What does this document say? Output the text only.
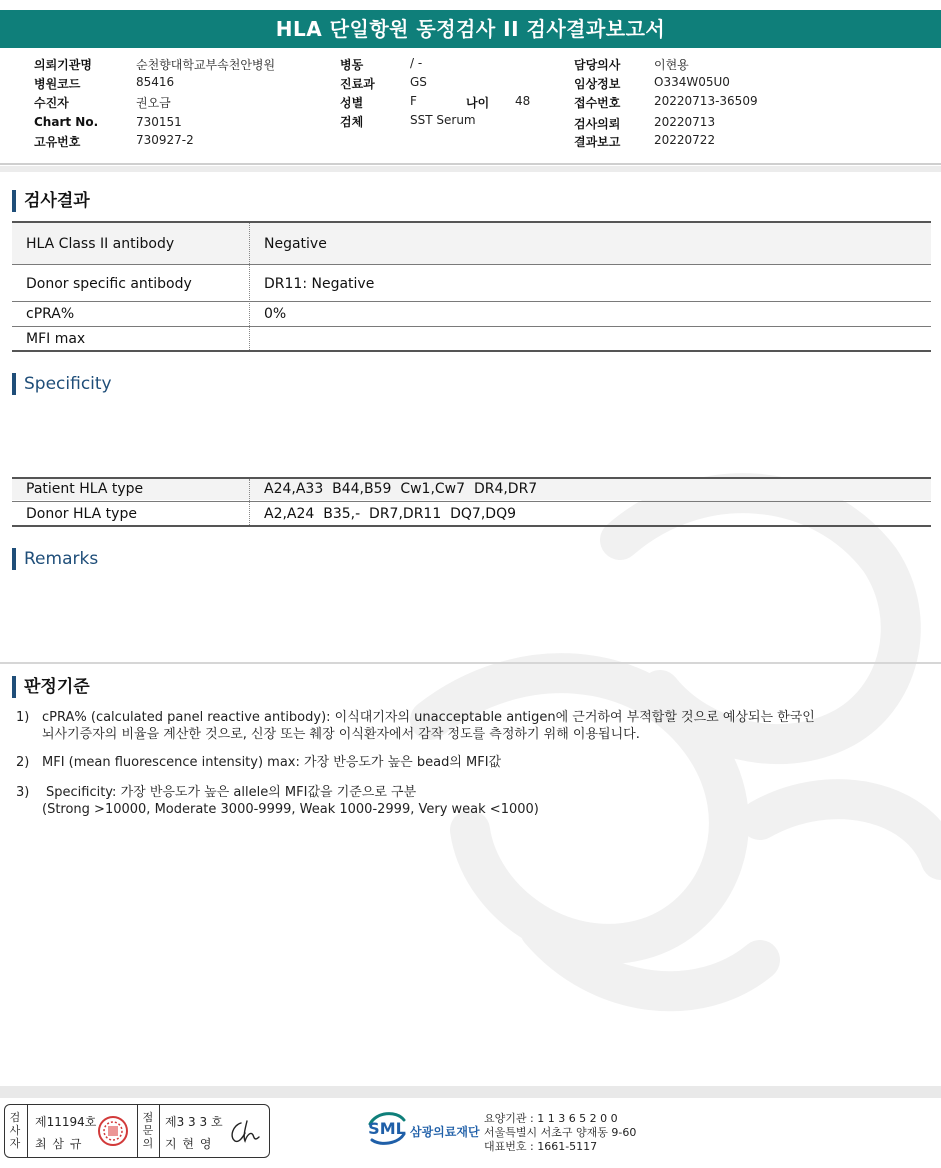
HLA 단일항원 동정검사 II 검사결과보고서
의뢰기관명	순천향대학교부속천안병원
병원코드	85416
수진자	권오금
Chart No.	730151
고유번호	730927-2
병동	/ -
진료과	GS
성별	F	나이 48
검체	SST Serum
담당의사	이현용
임상정보	O334W05U0
접수번호	20220713-36509
검사의뢰	20220713
결과보고	20220722
검사결과
HLA Class II antibody	Negative
Donor specific antibody	DR11: Negative
cPRA%	0%
MFI max
Specificity
Patient HLA type	A24,A33  B44,B59  Cw1,Cw7  DR4,DR7
Donor HLA type	A2,A24  B35,-  DR7,DR11  DQ7,DQ9
Remarks
판정기준
1) cPRA% (calculated panel reactive antibody): 이식대기자의 unacceptable antigen에 근거하여 부적합할 것으로 예상되는 한국인
뇌사기증자의 비율을 계산한 것으로, 신장 또는 췌장 이식환자에서 감작 정도를 측정하기 위해 이용됩니다.
2) MFI (mean fluorescence intensity) max: 가장 반응도가 높은 bead의 MFI값
3) Specificity: 가장 반응도가 높은 allele의 MFI값을 기준으로 구분
(Strong >10000, Moderate 3000-9999, Weak 1000-2999, Very weak <1000)
검
사
자
제11194호
최 삼 규
점
문
의
제3 3 3 호
지 현 영
SML 삼광의료재단
요양기관 : 1 1 3 6 5 2 0 0
서울특별시 서초구 양재동 9-60
대표번호 : 1661-5117
